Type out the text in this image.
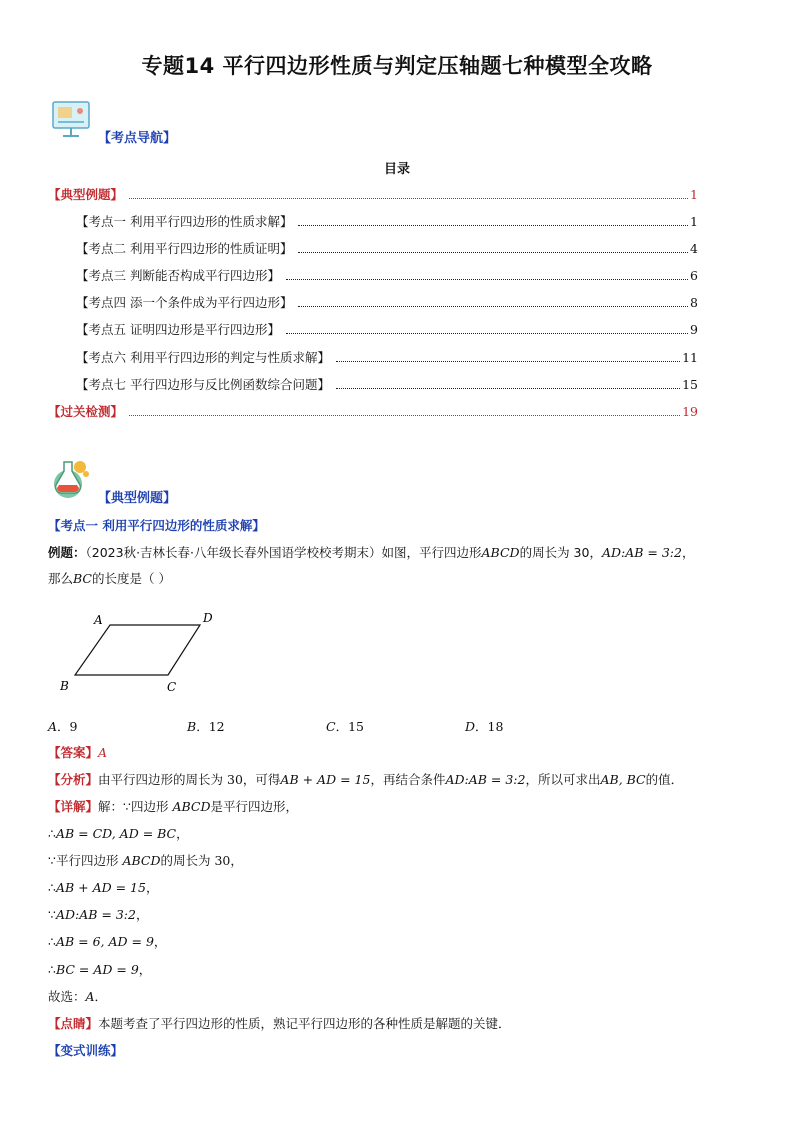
专题14 平行四边形性质与判定压轴题七种模型全攻略
【考点导航】
目录
【典型例题】	1
【考点一 利用平行四边形的性质求解】	1
【考点二 利用平行四边形的性质证明】	4
【考点三 判断能否构成平行四边形】	6
【考点四 添一个条件成为平行四边形】	8
【考点五 证明四边形是平行四边形】	9
【考点六 利用平行四边形的判定与性质求解】	11
【考点七 平行四边形与反比例函数综合问题】	15
【过关检测】	19
【典型例题】
【考点一 利用平行四边形的性质求解】
例题：（2023秋·吉林长春·八年级长春外国语学校校考期末）如图，平行四边形ABCD的周长为 30，AD:AB = 3:2，
那么BC的长度是（ ）
A	D
B	C
A．9	B．12	C．15	D．18
【答案】A
【分析】由平行四边形的周长为 30，可得AB + AD = 15，再结合条件AD:AB = 3:2，所以可求出AB, BC的值．
【详解】解：∵四边形 ABCD是平行四边形，
∴AB = CD, AD = BC，
∵平行四边形 ABCD的周长为 30，
∴AB + AD = 15，
∵AD:AB = 3:2，
∴AB = 6, AD = 9，
∴BC = AD = 9，
故选：A．
【点睛】本题考查了平行四边形的性质，熟记平行四边形的各种性质是解题的关键．
【变式训练】
